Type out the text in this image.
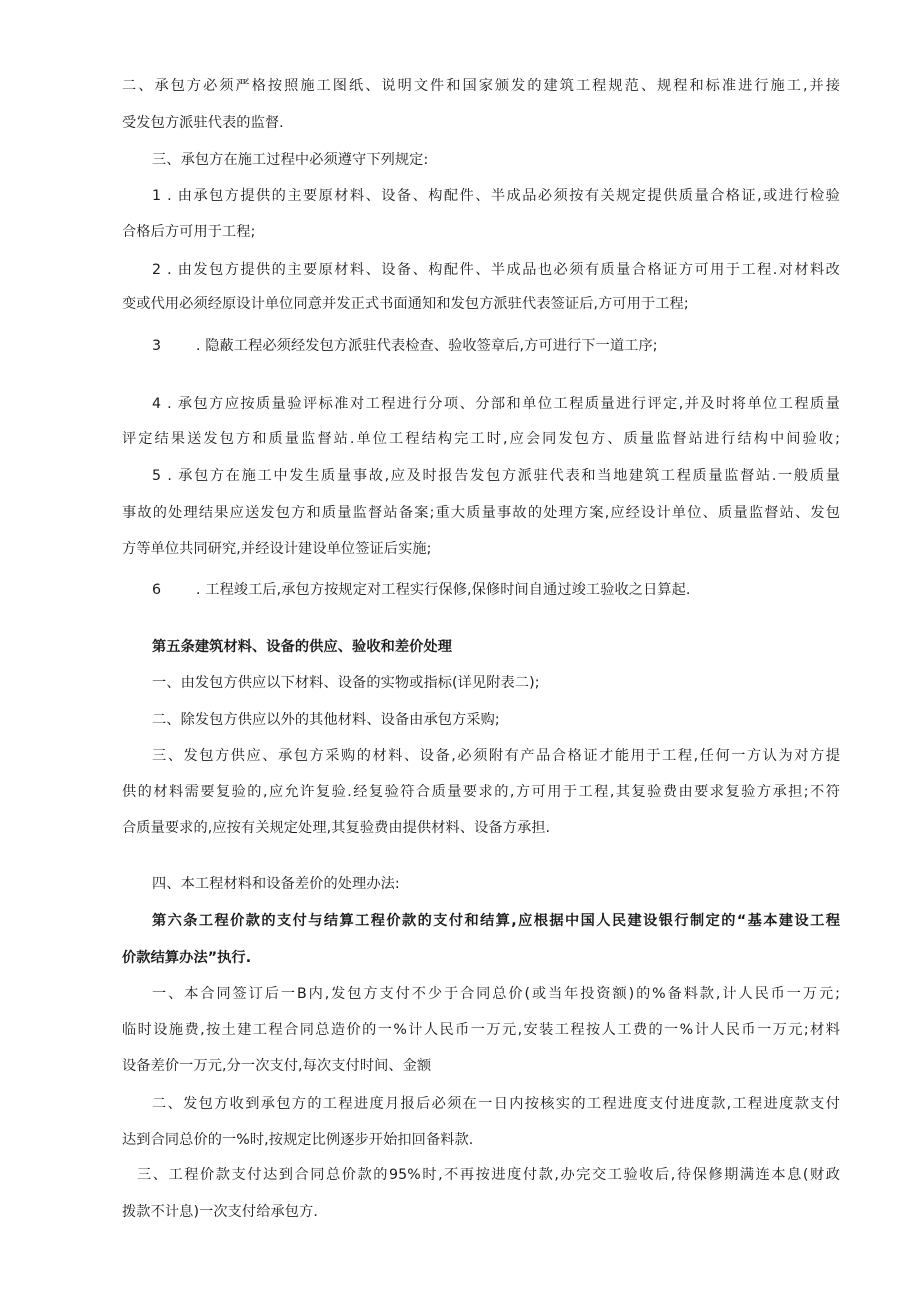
二、承包方必须严格按照施工图纸、说明文件和国家颁发的建筑工程规范、规程和标准进行施工,并接
受发包方派驻代表的监督.
三、承包方在施工过程中必须遵守下列规定:
1 . 由承包方提供的主要原材料、设备、构配件、半成品必须按有关规定提供质量合格证,或进行检验
合格后方可用于工程;
2 . 由发包方提供的主要原材料、设备、构配件、半成品也必须有质量合格证方可用于工程.对材料改
变或代用必须经原设计单位同意并发正式书面通知和发包方派驻代表签证后,方可用于工程;
3 . 隐蔽工程必须经发包方派驻代表检查、验收签章后,方可进行下一道工序;
4 . 承包方应按质量验评标准对工程进行分项、分部和单位工程质量进行评定,并及时将单位工程质量
评定结果送发包方和质量监督站.单位工程结构完工时,应会同发包方、质量监督站进行结构中间验收;
5 . 承包方在施工中发生质量事故,应及时报告发包方派驻代表和当地建筑工程质量监督站.一般质量
事故的处理结果应送发包方和质量监督站备案;重大质量事故的处理方案,应经设计单位、质量监督站、发包
方等单位共同研究,并经设计建设单位签证后实施;
6 . 工程竣工后,承包方按规定对工程实行保修,保修时间自通过竣工验收之日算起.
第五条建筑材料、设备的供应、验收和差价处理
一、由发包方供应以下材料、设备的实物或指标(详见附表二);
二、除发包方供应以外的其他材料、设备由承包方采购;
三、发包方供应、承包方采购的材料、设备,必须附有产品合格证才能用于工程,任何一方认为对方提
供的材料需要复验的,应允许复验.经复验符合质量要求的,方可用于工程,其复验费由要求复验方承担;不符
合质量要求的,应按有关规定处理,其复验费由提供材料、设备方承担.
四、本工程材料和设备差价的处理办法:
第六条工程价款的支付与结算工程价款的支付和结算,应根据中国人民建设银行制定的“基本建设工程
价款结算办法”执行.
一、本合同签订后一B内,发包方支付不少于合同总价(或当年投资额)的%备料款,计人民币一万元;
临时设施费,按土建工程合同总造价的一%计人民币一万元,安装工程按人工费的一%计人民币一万元;材料
设备差价一万元,分一次支付,每次支付时间、金额
二、发包方收到承包方的工程进度月报后必须在一日内按核实的工程进度支付进度款,工程进度款支付
达到合同总价的一%时,按规定比例逐步开始扣回备料款.
三、工程价款支付达到合同总价款的95%时,不再按进度付款,办完交工验收后,待保修期满连本息(财政
拨款不计息)一次支付给承包方.
